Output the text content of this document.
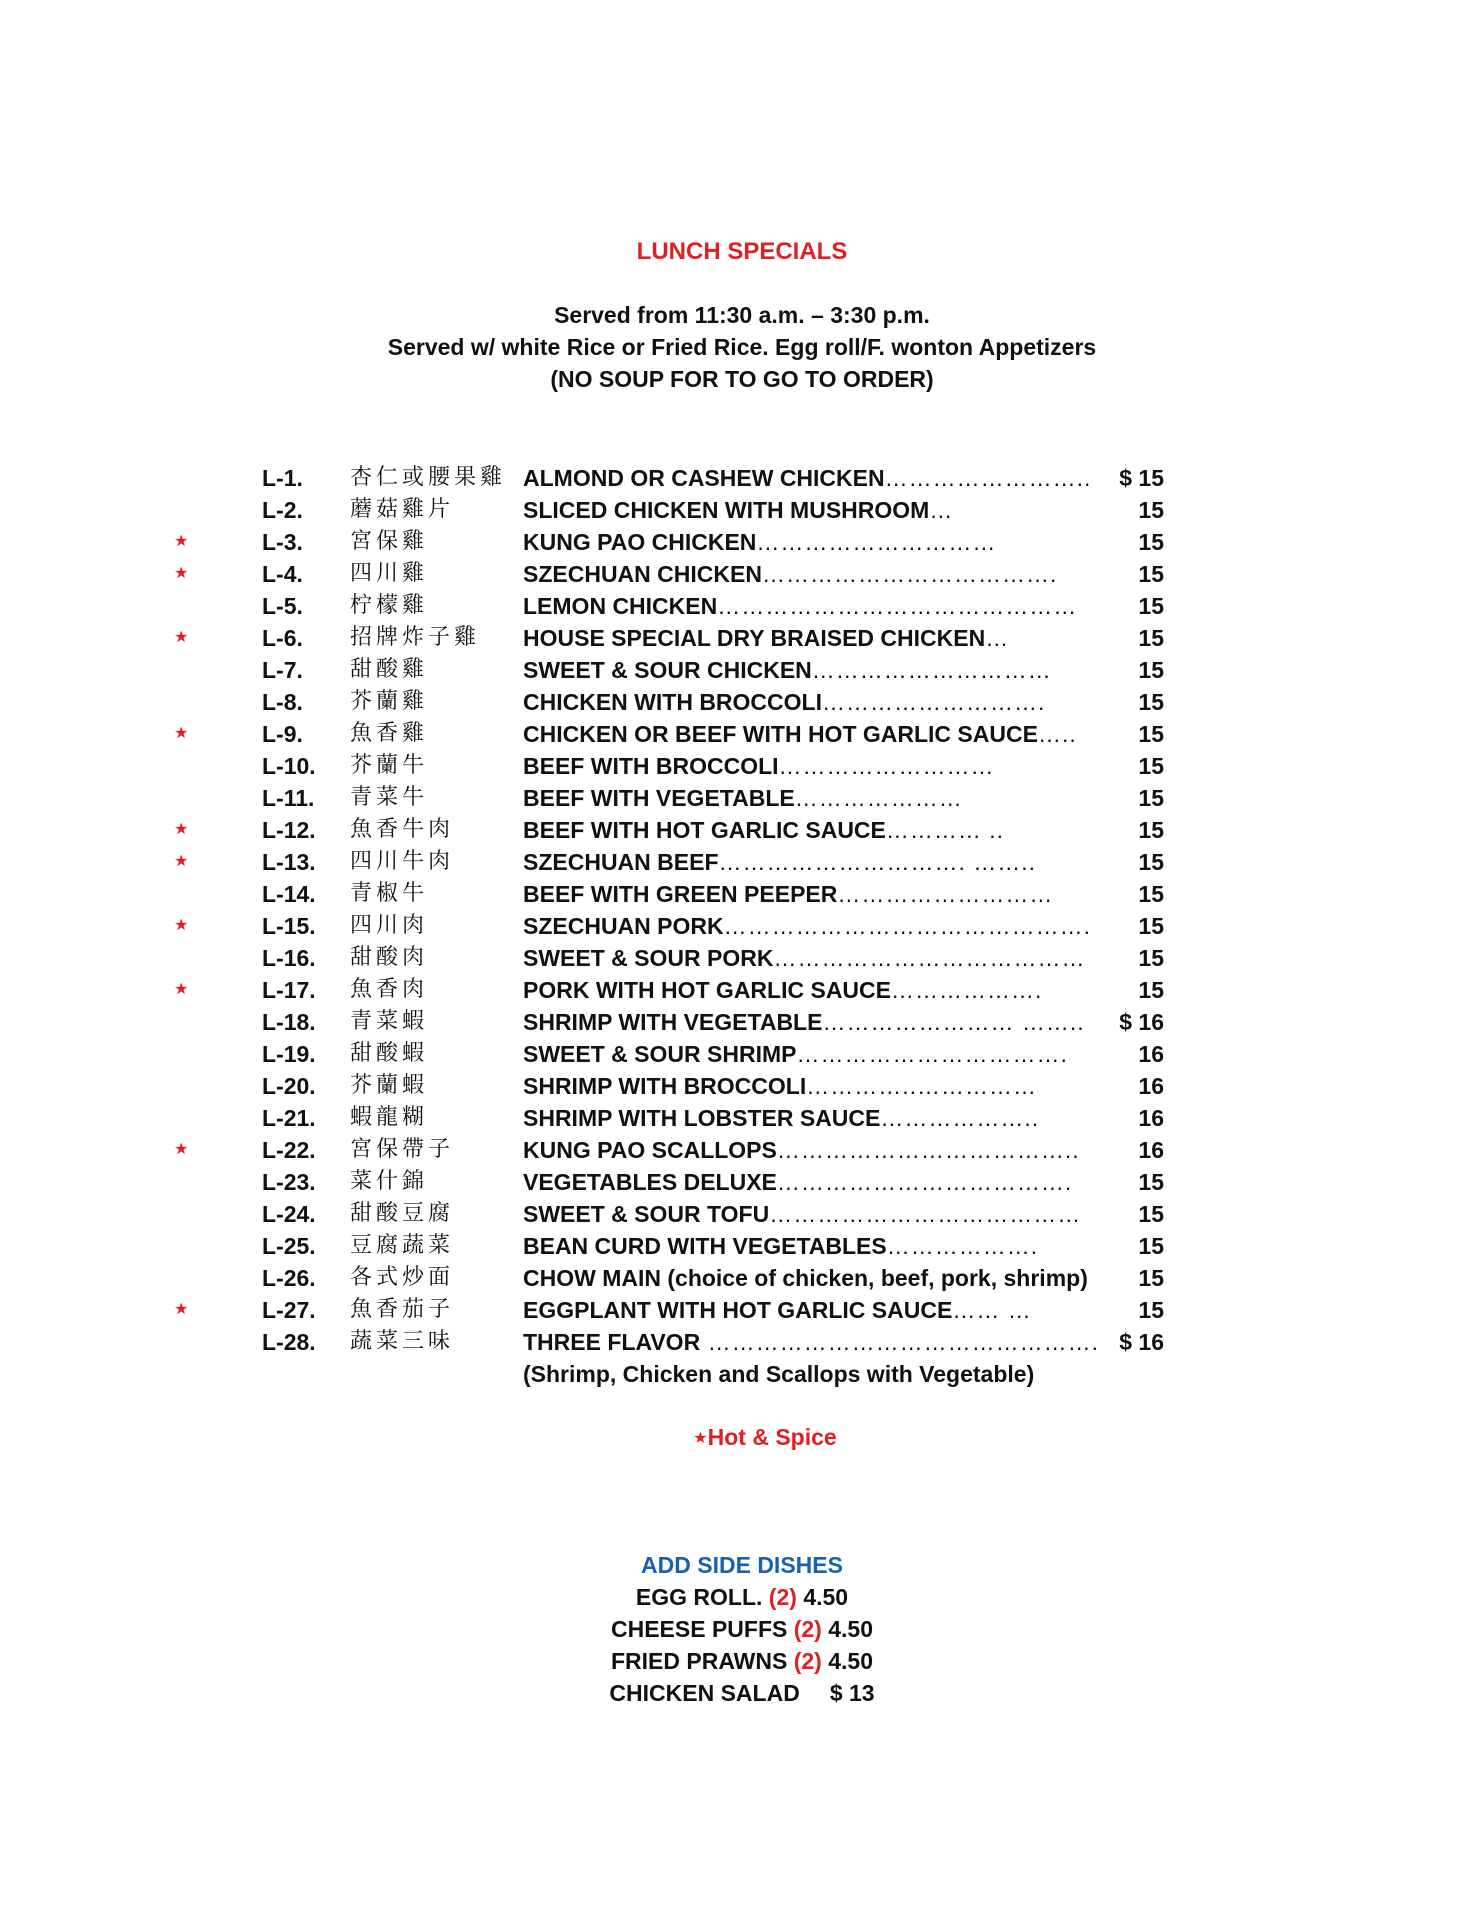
LUNCH SPECIALS
Served from 11:30 a.m. – 3:30 p.m.
Served w/ white Rice or Fried Rice. Egg roll/F. wonton Appetizers
(NO SOUP FOR TO GO TO ORDER)
L-1. 杏仁或腰果雞 ALMOND OR CASHEW CHICKEN…………………….. $ 15
L-2. 蘑菇雞片	SLICED CHICKEN WITH MUSHROOM…	15
★	L-3. 宮保雞	KUNG PAO CHICKEN…………………………	15
★	L-4. 四川雞	SZECHUAN CHICKEN……………………………….	15
L-5. 柠檬雞	LEMON CHICKEN………………………………………	15
★	L-6. 招牌炸子雞 HOUSE SPECIAL DRY BRAISED CHICKEN…	15
L-7. 甜酸雞	SWEET & SOUR CHICKEN…………………………	15
L-8. 芥蘭雞	CHICKEN WITH BROCCOLI……………………….	15
★	L-9. 魚香雞	CHICKEN OR BEEF WITH HOT GARLIC SAUCE…..	15
L-10. 芥蘭牛	BEEF WITH BROCCOLI………………………	15
L-11. 青菜牛	BEEF WITH VEGETABLE…………………	15
★	L-12. 魚香牛肉	BEEF WITH HOT GARLIC SAUCE………… ..	15
★	L-13. 四川牛肉	SZECHUAN BEEF…………………………. ……..	15
L-14. 青椒牛	BEEF WITH GREEN PEEPER………………………	15
★	L-15. 四川肉	SZECHUAN PORK………………………………………. 15
L-16. 甜酸肉	SWEET & SOUR PORK………………………………… 15
★	L-17. 魚香肉	PORK WITH HOT GARLIC SAUCE……………….	15
L-18. 青菜蝦	SHRIMP WITH VEGETABLE…………………… …….. $ 16
L-19. 甜酸蝦	SWEET & SOUR SHRIMP…………………………….	16
L-20. 芥蘭蝦	SHRIMP WITH BROCCOLI…………..……………	16
L-21. 蝦龍糊	SHRIMP WITH LOBSTER SAUCE………………..	16
★	L-22. 宮保帶子	KUNG PAO SCALLOPS………………………………..	16
L-23. 菜什錦	VEGETABLES DELUXE……………………………….	15
L-24. 甜酸豆腐	SWEET & SOUR TOFU………………………………… 15
L-25. 豆腐蔬菜	BEAN CURD WITH VEGETABLES……………….	15
L-26. 各式炒面	CHOW MAIN (choice of chicken, beef, pork, shrimp) 15
★	L-27. 魚香茄子	EGGPLANT WITH HOT GARLIC SAUCE…… …	15
L-28. 蔬菜三味	THREE FLAVOR …………………………………………. $ 16
(Shrimp, Chicken and Scallops with Vegetable)
★Hot & Spice
ADD SIDE DISHES
EGG ROLL. (2) 4.50
CHEESE PUFFS (2) 4.50
FRIED PRAWNS (2) 4.50
CHICKEN SALAD $ 13
